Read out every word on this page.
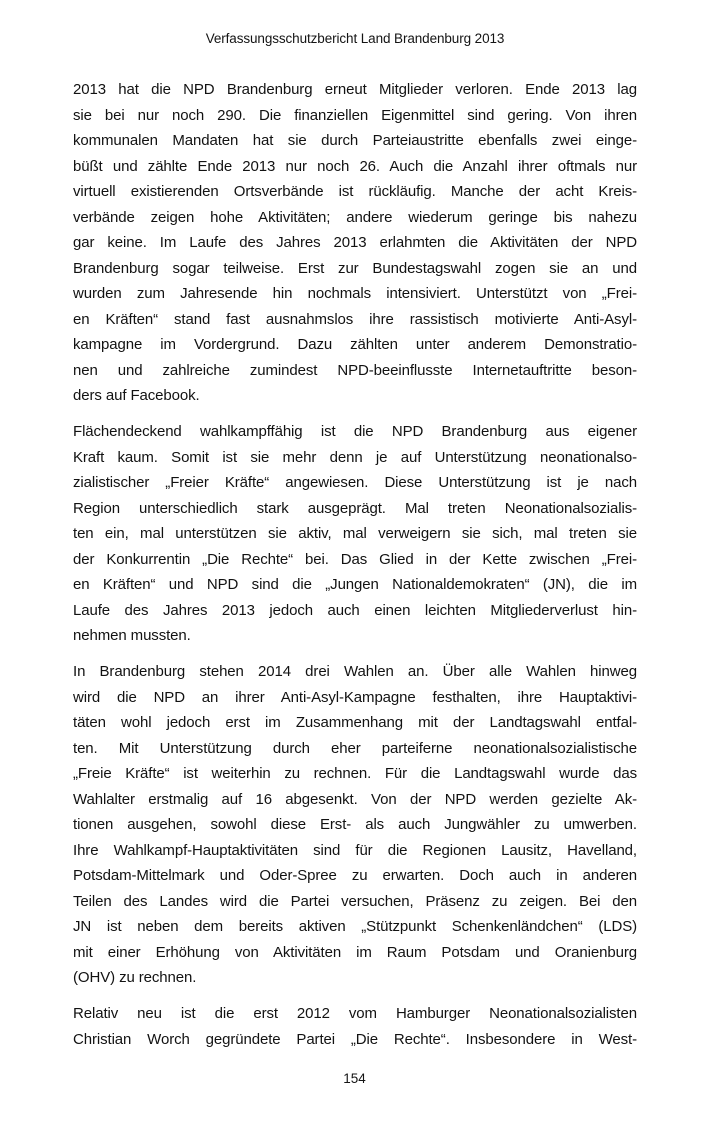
Verfassungsschutzbericht Land Brandenburg 2013
2013 hat die NPD Brandenburg erneut Mitglieder verloren. Ende 2013 lag
sie bei nur noch 290. Die finanziellen Eigenmittel sind gering. Von ihren
kommunalen Mandaten hat sie durch Parteiaustritte ebenfalls zwei einge-
büßt und zählte Ende 2013 nur noch 26. Auch die Anzahl ihrer oftmals nur
virtuell existierenden Ortsverbände ist rückläufig. Manche der acht Kreis-
verbände zeigen hohe Aktivitäten; andere wiederum geringe bis nahezu
gar keine. Im Laufe des Jahres 2013 erlahmten die Aktivitäten der NPD
Brandenburg sogar teilweise. Erst zur Bundestagswahl zogen sie an und
wurden zum Jahresende hin nochmals intensiviert. Unterstützt von „Frei-
en Kräften“ stand fast ausnahmslos ihre rassistisch motivierte Anti-Asyl-
kampagne im Vordergrund. Dazu zählten unter anderem Demonstratio-
nen und zahlreiche zumindest NPD-beeinflusste Internetauftritte beson-
ders auf Facebook.
Flächendeckend wahlkampffähig ist die NPD Brandenburg aus eigener
Kraft kaum. Somit ist sie mehr denn je auf Unterstützung neonationalso-
zialistischer „Freier Kräfte“ angewiesen. Diese Unterstützung ist je nach
Region unterschiedlich stark ausgeprägt. Mal treten Neonationalsozialis-
ten ein, mal unterstützen sie aktiv, mal verweigern sie sich, mal treten sie
der Konkurrentin „Die Rechte“ bei. Das Glied in der Kette zwischen „Frei-
en Kräften“ und NPD sind die „Jungen Nationaldemokraten“ (JN), die im
Laufe des Jahres 2013 jedoch auch einen leichten Mitgliederverlust hin-
nehmen mussten.
In Brandenburg stehen 2014 drei Wahlen an. Über alle Wahlen hinweg
wird die NPD an ihrer Anti-Asyl-Kampagne festhalten, ihre Hauptaktivi-
täten wohl jedoch erst im Zusammenhang mit der Landtagswahl entfal-
ten. Mit Unterstützung durch eher parteiferne neonationalsozialistische
„Freie Kräfte“ ist weiterhin zu rechnen. Für die Landtagswahl wurde das
Wahlalter erstmalig auf 16 abgesenkt. Von der NPD werden gezielte Ak-
tionen ausgehen, sowohl diese Erst- als auch Jungwähler zu umwerben.
Ihre Wahlkampf-Hauptaktivitäten sind für die Regionen Lausitz, Havelland,
Potsdam-Mittelmark und Oder-Spree zu erwarten. Doch auch in anderen
Teilen des Landes wird die Partei versuchen, Präsenz zu zeigen. Bei den
JN ist neben dem bereits aktiven „Stützpunkt Schenkenländchen“ (LDS)
mit einer Erhöhung von Aktivitäten im Raum Potsdam und Oranienburg
(OHV) zu rechnen.
Relativ neu ist die erst 2012 vom Hamburger Neonationalsozialisten
Christian Worch gegründete Partei „Die Rechte“. Insbesondere in West-
154
